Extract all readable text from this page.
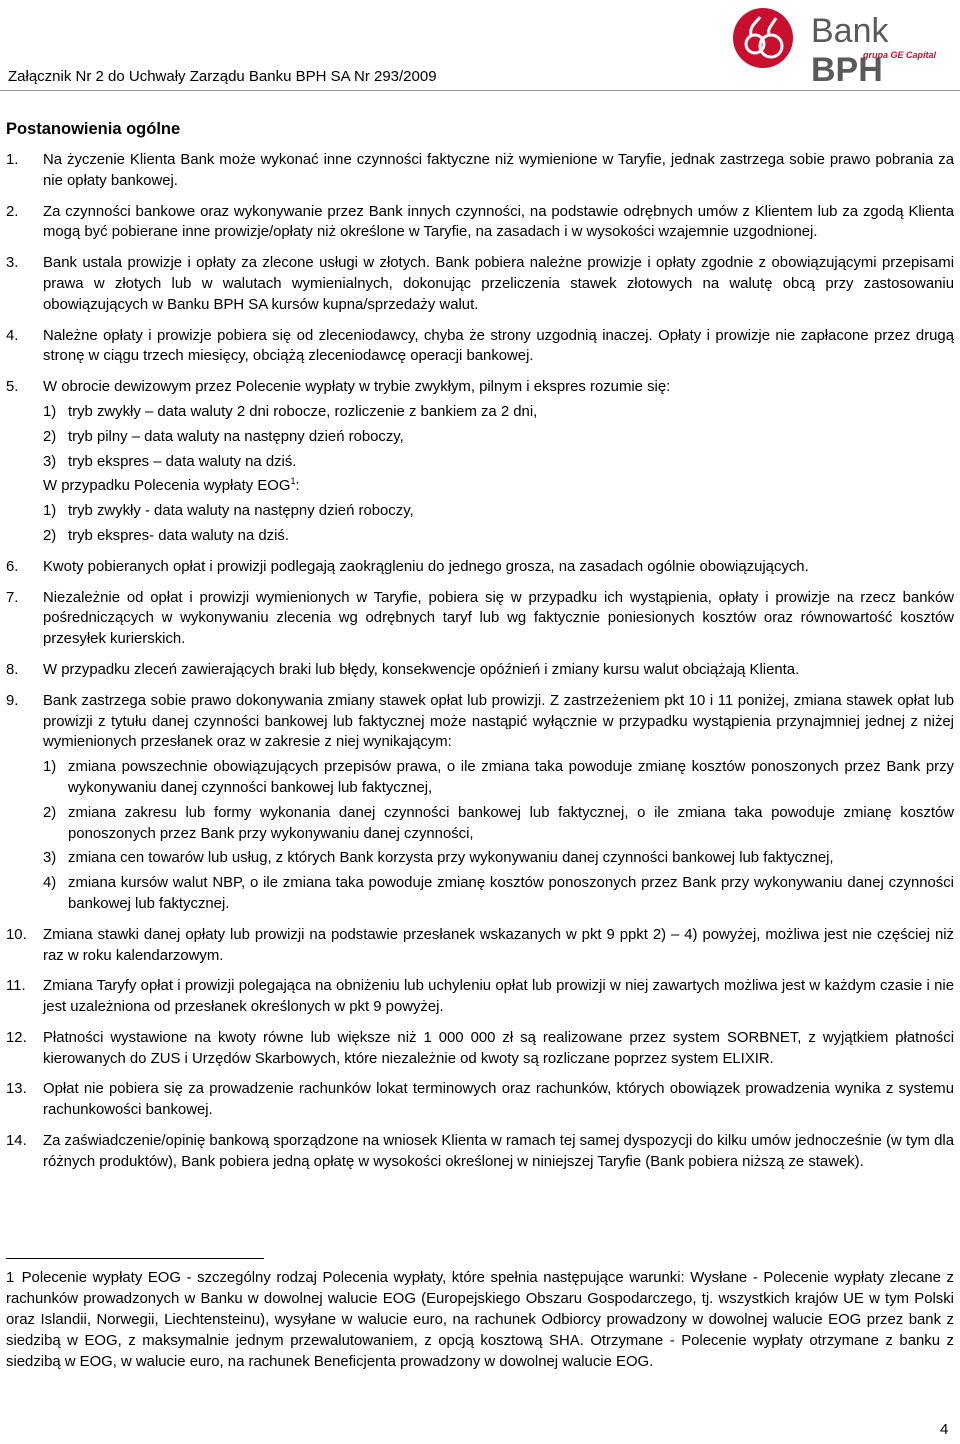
Załącznik Nr 2 do Uchwały Zarządu Banku BPH SA Nr 293/2009
Bank BPH
grupa GE Capital
Postanowienia ogólne
1.	Na życzenie Klienta Bank może wykonać inne czynności faktyczne niż wymienione w Taryfie, jednak zastrzega sobie prawo pobrania za nie opłaty bankowej.
2.	Za czynności bankowe oraz wykonywanie przez Bank innych czynności, na podstawie odrębnych umów z Klientem lub za zgodą Klienta mogą być pobierane inne prowizje/opłaty niż określone w Taryfie, na zasadach i w wysokości wzajemnie uzgodnionej.
3.	Bank ustala prowizje i opłaty za zlecone usługi w złotych. Bank pobiera należne prowizje i opłaty zgodnie z obowiązującymi przepisami prawa w złotych lub w walutach wymienialnych, dokonując przeliczenia stawek złotowych na walutę obcą przy zastosowaniu obowiązujących w Banku BPH SA kursów kupna/sprzedaży walut.
4.	Należne opłaty i prowizje pobiera się od zleceniodawcy, chyba że strony uzgodnią inaczej. Opłaty i prowizje nie zapłacone przez drugą stronę w ciągu trzech miesięcy, obciążą zleceniodawcę operacji bankowej.
5.	W obrocie dewizowym przez Polecenie wypłaty w trybie zwykłym, pilnym i ekspres rozumie się:
1) tryb zwykły – data waluty 2 dni robocze, rozliczenie z bankiem za 2 dni,
2) tryb pilny – data waluty na następny dzień roboczy,
3) tryb ekspres – data waluty na dziś.
W przypadku Polecenia wypłaty EOG$^1$:
1) tryb zwykły - data waluty na następny dzień roboczy,
2) tryb ekspres- data waluty na dziś.
6.	Kwoty pobieranych opłat i prowizji podlegają zaokrągleniu do jednego grosza, na zasadach ogólnie obowiązujących.
7.	Niezależnie od opłat i prowizji wymienionych w Taryfie, pobiera się w przypadku ich wystąpienia, opłaty i prowizje na rzecz banków pośredniczących w wykonywaniu zlecenia wg odrębnych taryf lub wg faktycznie poniesionych kosztów oraz równowartość kosztów przesyłek kurierskich.
8.	W przypadku zleceń zawierających braki lub błędy, konsekwencje opóźnień i zmiany kursu walut obciążają Klienta.
9.	Bank zastrzega sobie prawo dokonywania zmiany stawek opłat lub prowizji. Z zastrzeżeniem pkt 10 i 11 poniżej, zmiana stawek opłat lub prowizji z tytułu danej czynności bankowej lub faktycznej może nastąpić wyłącznie w przypadku wystąpienia przynajmniej jednej z niżej wymienionych przesłanek oraz w zakresie z niej wynikającym:
1) zmiana powszechnie obowiązujących przepisów prawa, o ile zmiana taka powoduje zmianę kosztów ponoszonych przez Bank przy wykonywaniu danej czynności bankowej lub faktycznej,
2) zmiana zakresu lub formy wykonania danej czynności bankowej lub faktycznej, o ile zmiana taka powoduje zmianę kosztów ponoszonych przez Bank przy wykonywaniu danej czynności,
3) zmiana cen towarów lub usług, z których Bank korzysta przy wykonywaniu danej czynności bankowej lub faktycznej,
4) zmiana kursów walut NBP, o ile zmiana taka powoduje zmianę kosztów ponoszonych przez Bank przy wykonywaniu danej czynności bankowej lub faktycznej.
10.	Zmiana stawki danej opłaty lub prowizji na podstawie przesłanek wskazanych w pkt 9 ppkt 2) – 4) powyżej, możliwa jest nie częściej niż raz w roku kalendarzowym.
11.	Zmiana Taryfy opłat i prowizji polegająca na obniżeniu lub uchyleniu opłat lub prowizji w niej zawartych możliwa jest w każdym czasie i nie jest uzależniona od przesłanek określonych w pkt 9 powyżej.
12.	Płatności wystawione na kwoty równe lub większe niż 1 000 000 zł są realizowane przez system SORBNET, z wyjątkiem płatności kierowanych do ZUS i Urzędów Skarbowych, które niezależnie od kwoty są rozliczane poprzez system ELIXIR.
13.	Opłat nie pobiera się za prowadzenie rachunków lokat terminowych oraz rachunków, których obowiązek prowadzenia wynika z systemu rachunkowości bankowej.
14.	Za zaświadczenie/opinię bankową sporządzone na wniosek Klienta w ramach tej samej dyspozycji do kilku umów jednocześnie (w tym dla różnych produktów), Bank pobiera jedną opłatę w wysokości określonej w niniejszej Taryfie (Bank pobiera niższą ze stawek).
1 Polecenie wypłaty EOG - szczególny rodzaj Polecenia wypłaty, które spełnia następujące warunki: Wysłane - Polecenie wypłaty zlecane z rachunków prowadzonych w Banku w dowolnej walucie EOG (Europejskiego Obszaru Gospodarczego, tj. wszystkich krajów UE w tym Polski oraz Islandii, Norwegii, Liechtensteinu), wysyłane w walucie euro, na rachunek Odbiorcy prowadzony w dowolnej walucie EOG przez bank z siedzibą w EOG, z maksymalnie jednym przewalutowaniem, z opcją kosztową SHA. Otrzymane - Polecenie wypłaty otrzymane z banku z siedzibą w EOG, w walucie euro, na rachunek Beneficjenta prowadzony w dowolnej walucie EOG.
4
